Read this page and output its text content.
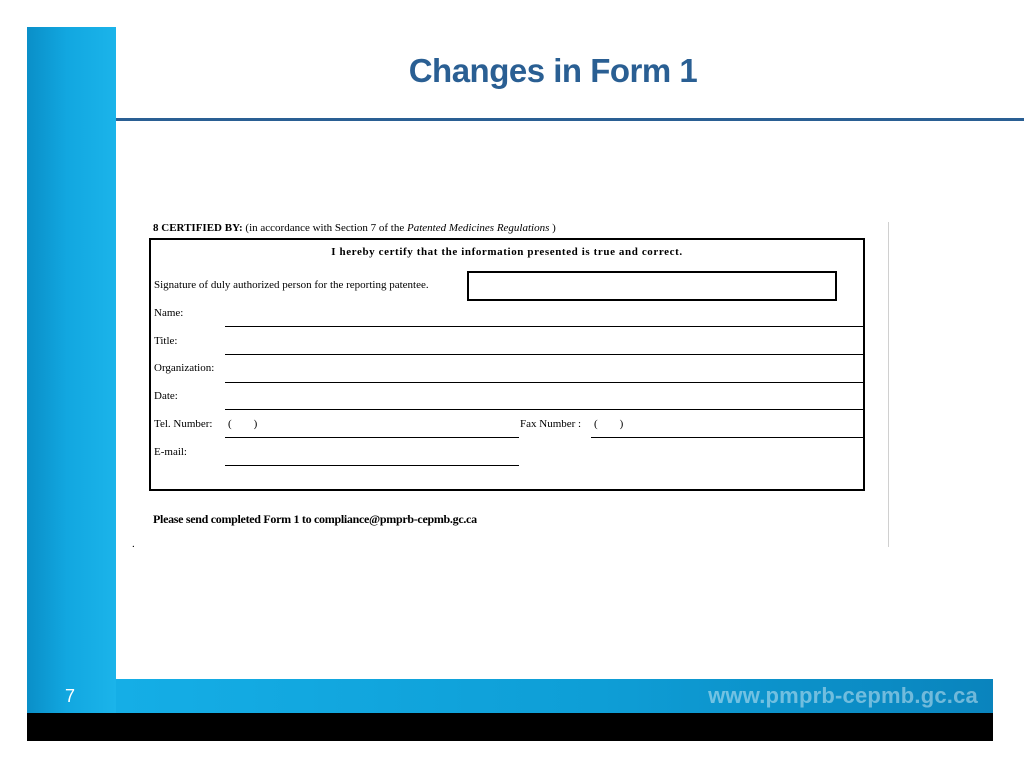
www.pmprb-cepmb.gc.ca
7
Changes in Form 1
8 CERTIFIED BY: (in accordance with Section 7 of the Patented Medicines Regulations )
I hereby certify that the information presented is true and correct.
Signature of duly authorized person for the reporting patentee.
Name:
Title:
Organization:
Date:
Tel. Number: (        )	Fax Number : (        )
E-mail:
Please send completed Form 1 to compliance@pmprb-cepmb.gc.ca
.
